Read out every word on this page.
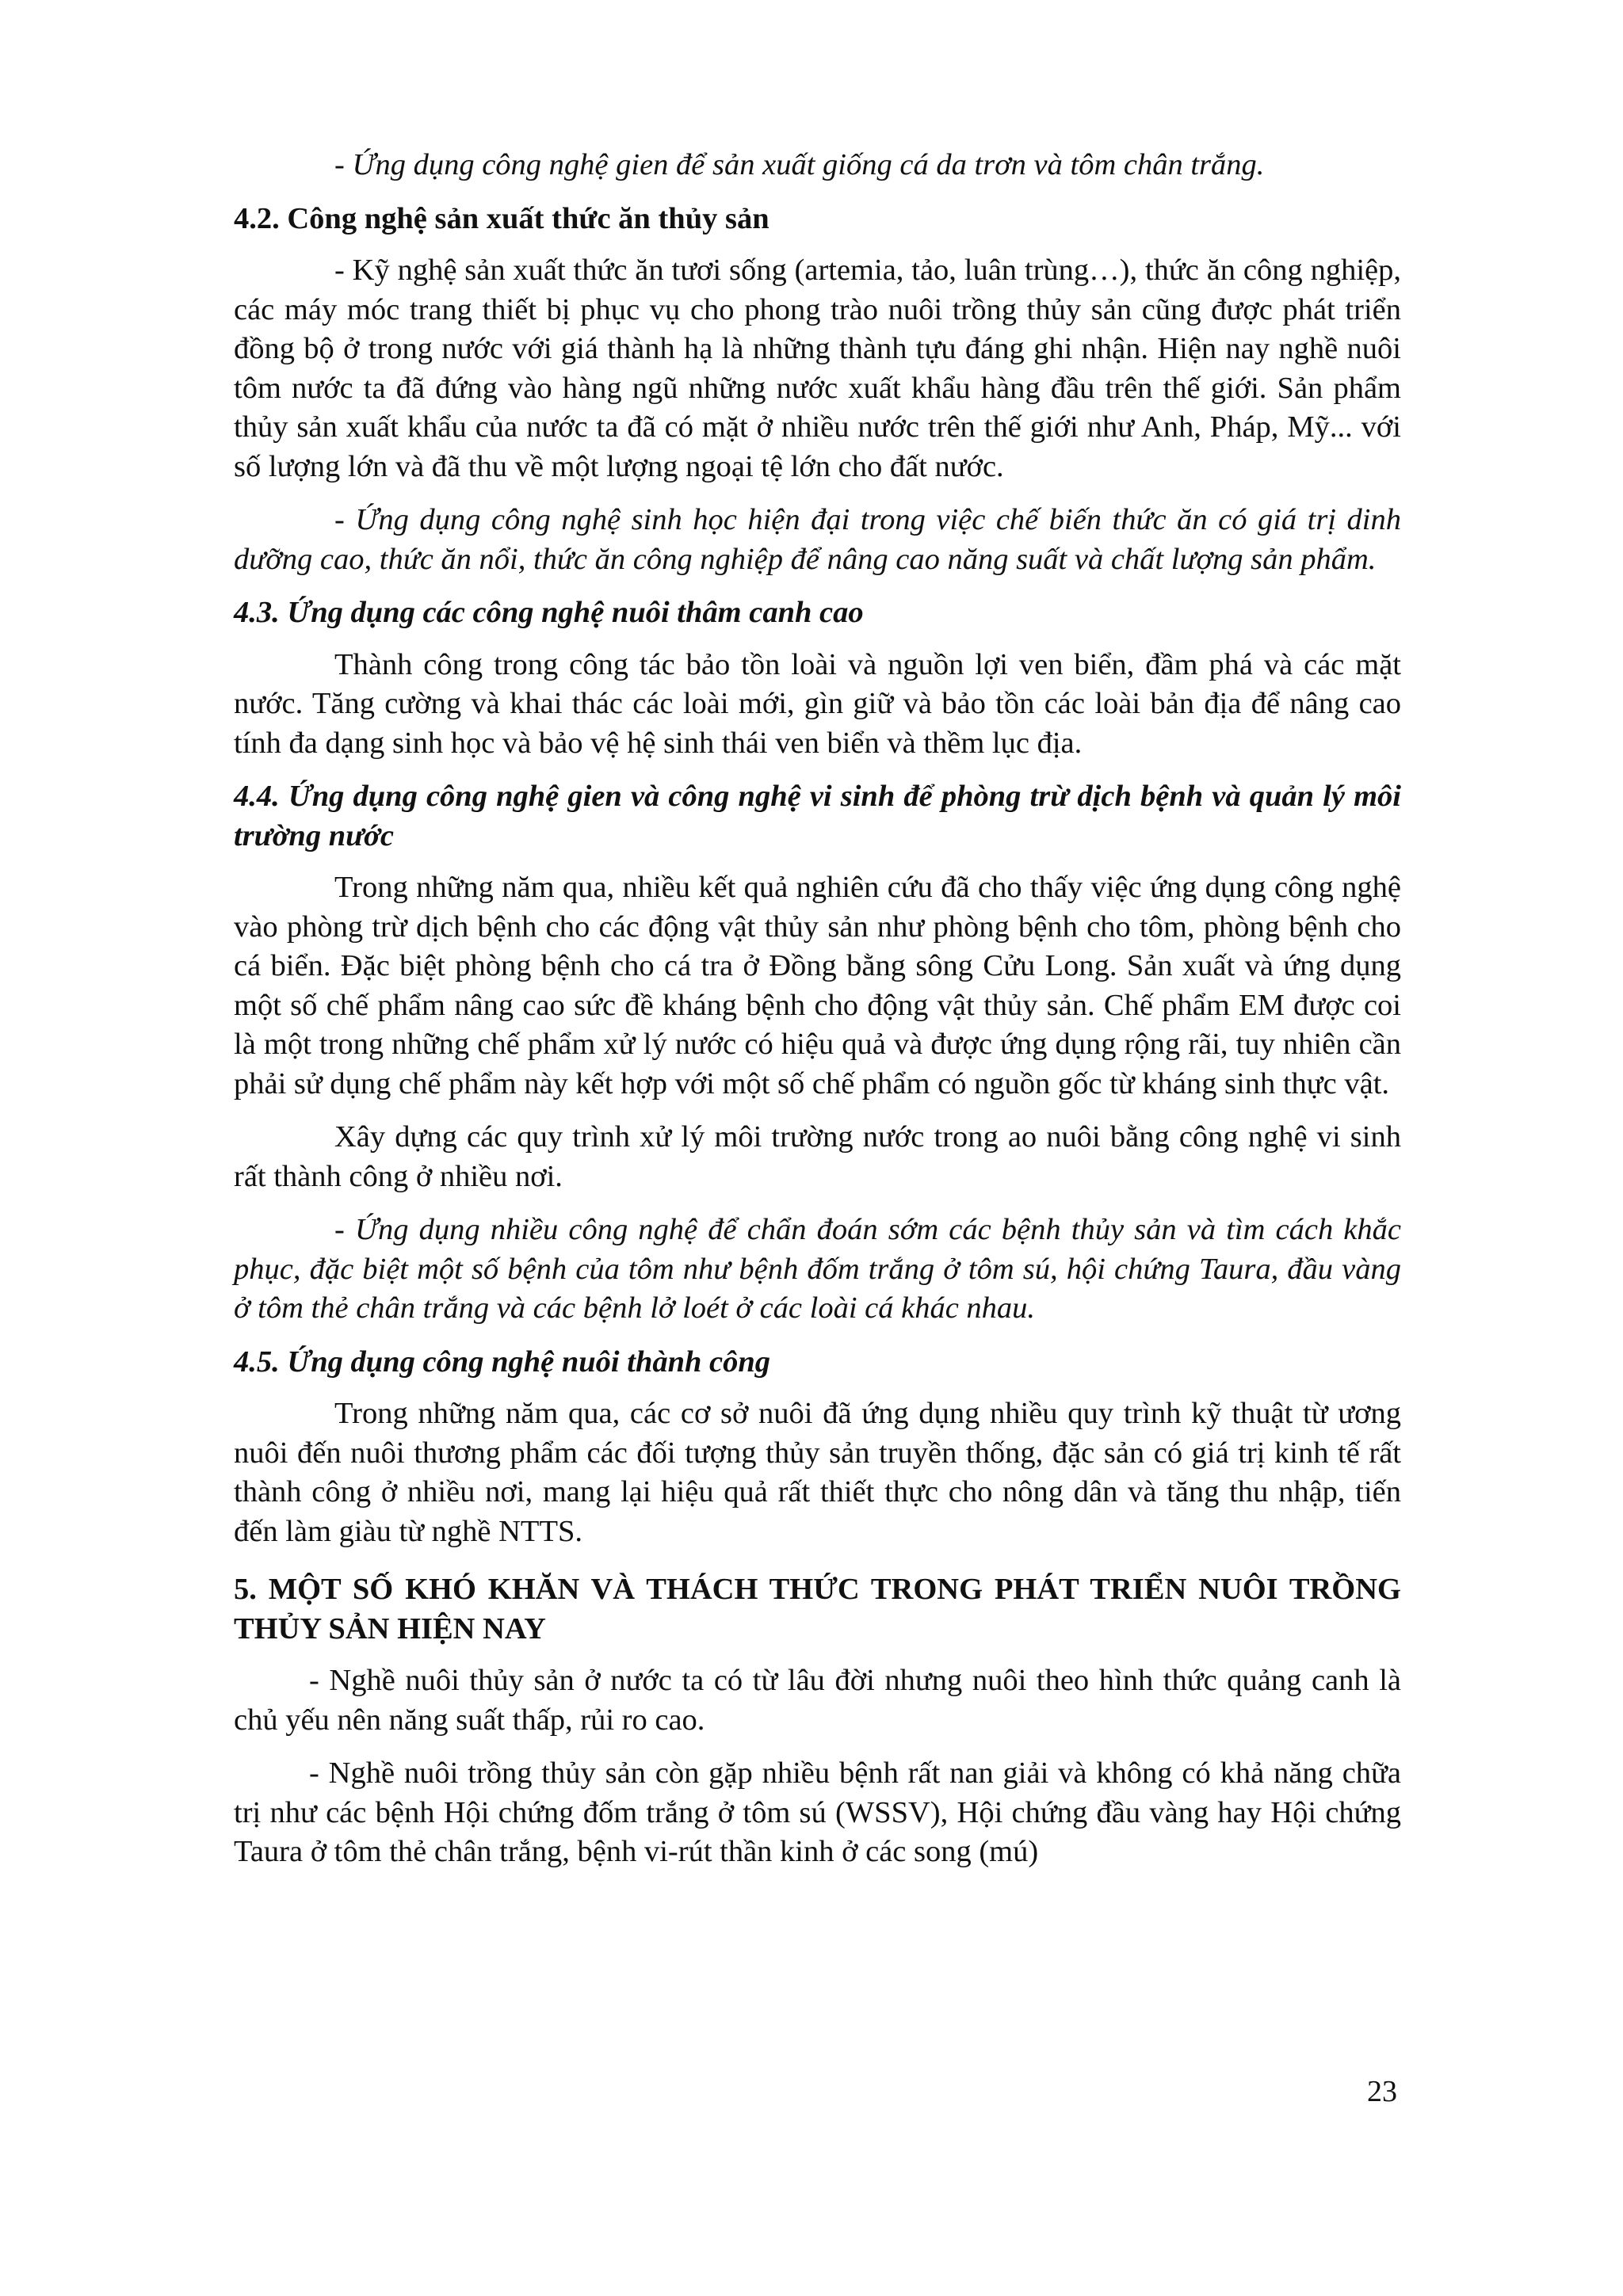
- Ứng dụng công nghệ gien để sản xuất giống cá da trơn và tôm chân trắng.

4.2. Công nghệ sản xuất thức ăn thủy sản

- Kỹ nghệ sản xuất thức ăn tươi sống (artemia, tảo, luân trùng…), thức ăn công nghiệp, các máy móc trang thiết bị phục vụ cho phong trào nuôi trồng thủy sản cũng được phát triển đồng bộ ở trong nước với giá thành hạ là những thành tựu đáng ghi nhận. Hiện nay nghề nuôi tôm nước ta đã đứng vào hàng ngũ những nước xuất khẩu hàng đầu trên thế giới. Sản phẩm thủy sản xuất khẩu của nước ta đã có mặt ở nhiều nước trên thế giới như Anh, Pháp, Mỹ... với số lượng lớn và đã thu về một lượng ngoại tệ lớn cho đất nước.

- Ứng dụng công nghệ sinh học hiện đại trong việc chế biến thức ăn có giá trị dinh dưỡng cao, thức ăn nổi, thức ăn công nghiệp để nâng cao năng suất và chất lượng sản phẩm.

4.3. Ứng dụng các công nghệ nuôi thâm canh cao

Thành công trong công tác bảo tồn loài và nguồn lợi ven biển, đầm phá và các mặt nước. Tăng cường và khai thác các loài mới, gìn giữ và bảo tồn các loài bản địa để nâng cao tính đa dạng sinh học và bảo vệ hệ sinh thái ven biển và thềm lục địa.

4.4. Ứng dụng công nghệ gien và công nghệ vi sinh để phòng trừ dịch bệnh và quản lý môi trường nước

Trong những năm qua, nhiều kết quả nghiên cứu đã cho thấy việc ứng dụng công nghệ vào phòng trừ dịch bệnh cho các động vật thủy sản như phòng bệnh cho tôm, phòng bệnh cho cá biển. Đặc biệt phòng bệnh cho cá tra ở Đồng bằng sông Cửu Long. Sản xuất và ứng dụng một số chế phẩm nâng cao sức đề kháng bệnh cho động vật thủy sản. Chế phẩm EM được coi là một trong những chế phẩm xử lý nước có hiệu quả và được ứng dụng rộng rãi, tuy nhiên cần phải sử dụng chế phẩm này kết hợp với một số chế phẩm có nguồn gốc từ kháng sinh thực vật.

Xây dựng các quy trình xử lý môi trường nước trong ao nuôi bằng công nghệ vi sinh rất thành công ở nhiều nơi.

- Ứng dụng nhiều công nghệ để chẩn đoán sớm các bệnh thủy sản và tìm cách khắc phục, đặc biệt một số bệnh của tôm như bệnh đốm trắng ở tôm sú, hội chứng Taura, đầu vàng ở tôm thẻ chân trắng và các bệnh lở loét ở các loài cá khác nhau.

4.5. Ứng dụng công nghệ nuôi thành công

Trong những năm qua, các cơ sở nuôi đã ứng dụng nhiều quy trình kỹ thuật từ ương nuôi đến nuôi thương phẩm các đối tượng thủy sản truyền thống, đặc sản có giá trị kinh tế rất thành công ở nhiều nơi, mang lại hiệu quả rất thiết thực cho nông dân và tăng thu nhập, tiến đến làm giàu từ nghề NTTS.

5. MỘT SỐ KHÓ KHĂN VÀ THÁCH THỨC TRONG PHÁT TRIỂN NUÔI TRỒNG THỦY SẢN HIỆN NAY

- Nghề nuôi thủy sản ở nước ta có từ lâu đời nhưng nuôi theo hình thức quảng canh là chủ yếu nên năng suất thấp, rủi ro cao.

- Nghề nuôi trồng thủy sản còn gặp nhiều bệnh rất nan giải và không có khả năng chữa trị như các bệnh Hội chứng đốm trắng ở tôm sú (WSSV), Hội chứng đầu vàng hay Hội chứng Taura ở tôm thẻ chân trắng, bệnh vi-rút thần kinh ở các song (mú)

23
